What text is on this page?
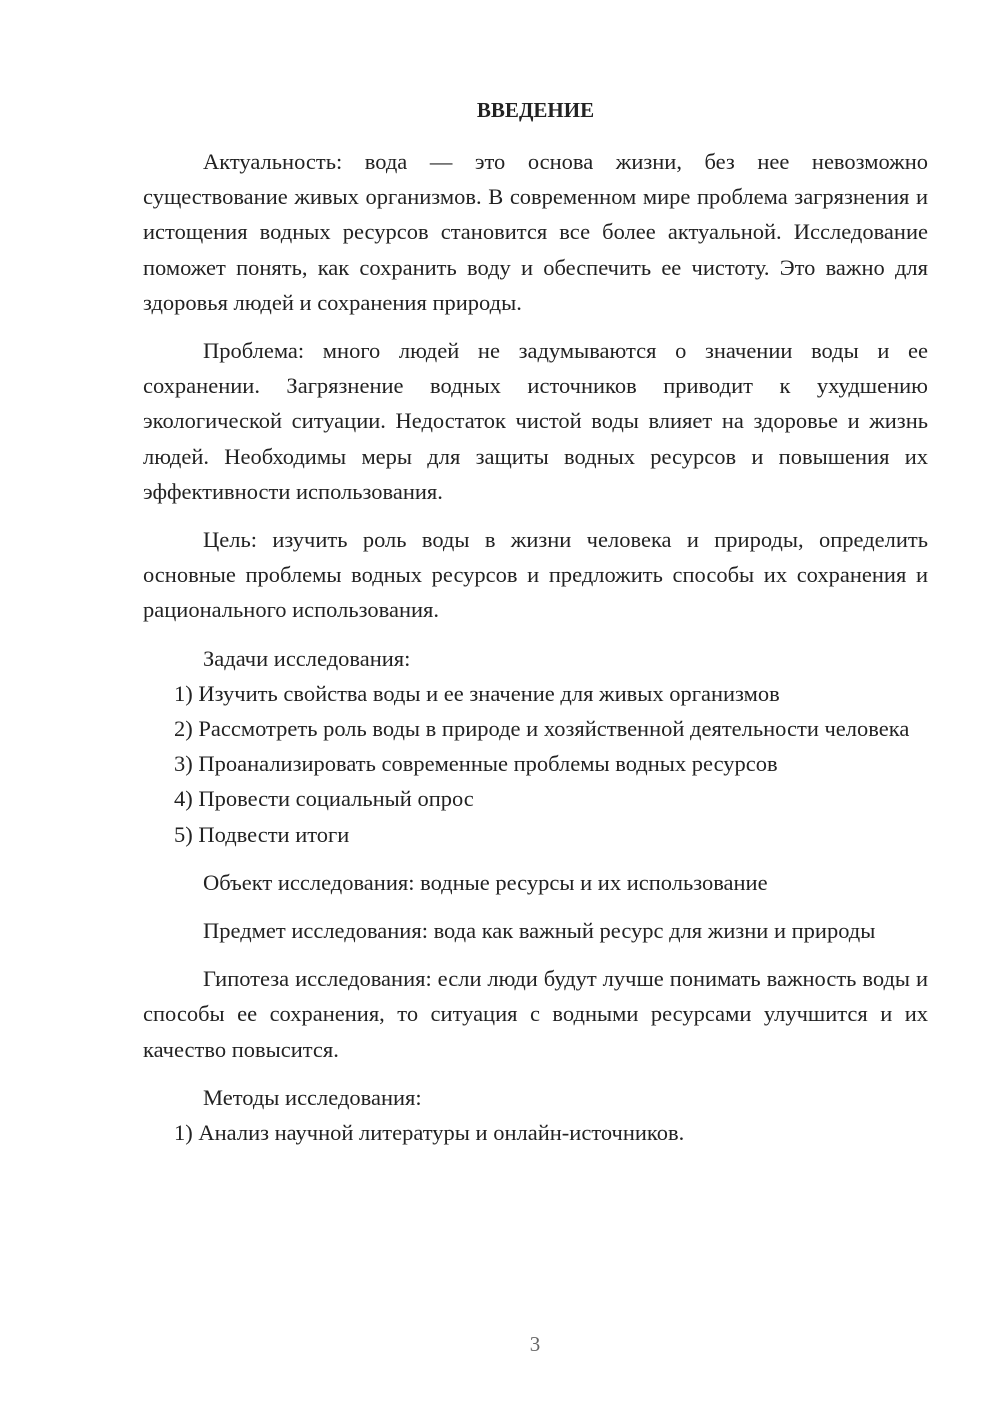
ВВЕДЕНИЕ

Актуальность: вода — это основа жизни, без нее невозможно существование живых организмов. В современном мире проблема загрязнения и истощения водных ресурсов становится все более актуальной. Исследование поможет понять, как сохранить воду и обеспечить ее чистоту. Это важно для здоровья людей и сохранения природы.

Проблема: много людей не задумываются о значении воды и ее сохранении. Загрязнение водных источников приводит к ухудшению экологической ситуации. Недостаток чистой воды влияет на здоровье и жизнь людей. Необходимы меры для защиты водных ресурсов и повышения их эффективности использования.

Цель: изучить роль воды в жизни человека и природы, определить основные проблемы водных ресурсов и предложить способы их сохранения и рационального использования.

Задачи исследования:

1) Изучить свойства воды и ее значение для живых организмов

2) Рассмотреть роль воды в природе и хозяйственной деятельности человека

3) Проанализировать современные проблемы водных ресурсов

4) Провести социальный опрос

5) Подвести итоги

Объект исследования: водные ресурсы и их использование

Предмет исследования: вода как важный ресурс для жизни и природы

Гипотеза исследования: если люди будут лучше понимать важность воды и способы ее сохранения, то ситуация с водными ресурсами улучшится и их качество повысится.

Методы исследования:

1) Анализ научной литературы и онлайн-источников.

3
